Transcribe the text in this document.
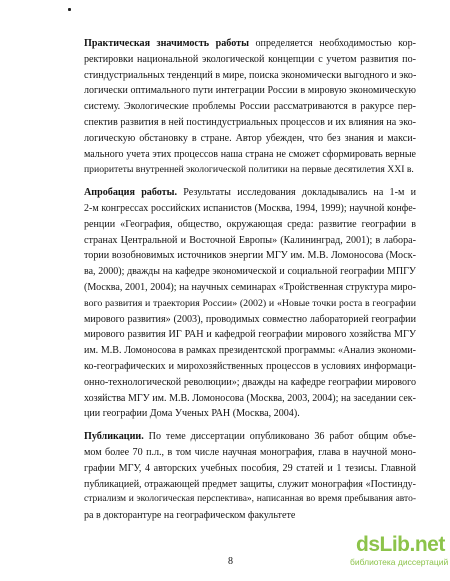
Практическая значимость работы определяется необходимостью кор-
ректировки национальной экологической концепции с учетом развития по-
стиндустриальных тенденций в мире, поиска экономически выгодного и эко-
логически оптимального пути интеграции России в мировую экономическую
систему. Экологические проблемы России рассматриваются в ракурсе пер-
спектив развития в ней постиндустриальных процессов и их влияния на эко-
логическую обстановку в стране. Автор убежден, что без знания и макси-
мального учета этих процессов наша страна не сможет сформировать верные
приоритеты внутренней экологической политики на первые десятилетия XXI в.
Апробация работы. Результаты исследования докладывались на 1-м и
2-м конгрессах российских испанистов (Москва, 1994, 1999); научной конфе-
ренции «География, общество, окружающая среда: развитие географии в
странах Центральной и Восточной Европы» (Калининград, 2001); в лабора-
тории возобновимых источников энергии МГУ им. М.В. Ломоносова (Моск-
ва, 2000); дважды на кафедре экономической и социальной географии МПГУ
(Москва, 2001, 2004); на научных семинарах «Тройственная структура миро-
вого развития и траектория России» (2002) и «Новые точки роста в географии
мирового развития» (2003), проводимых совместно лабораторией географии
мирового развития ИГ РАН и кафедрой географии мирового хозяйства МГУ
им. М.В. Ломоносова в рамках президентской программы: «Анализ экономи-
ко-географических и мирохозяйственных процессов в условиях информаци-
онно-технологической революции»; дважды на кафедре географии мирового
хозяйства МГУ им. М.В. Ломоносова (Москва, 2003, 2004); на заседании сек-
ции географии Дома Ученых РАН (Москва, 2004).
Публикации. По теме диссертации опубликовано 36 работ общим объе-
мом более 70 п.л., в том числе научная монография, глава в научной моно-
графии МГУ, 4 авторских учебных пособия, 29 статей и 1 тезисы. Главной
публикацией, отражающей предмет защиты, служит монография «Постинду-
стриализм и экологическая перспектива», написанная во время пребывания авто-
ра в докторантуре на географическом факультете
8
dsLib.net
библиотека диссертаций
